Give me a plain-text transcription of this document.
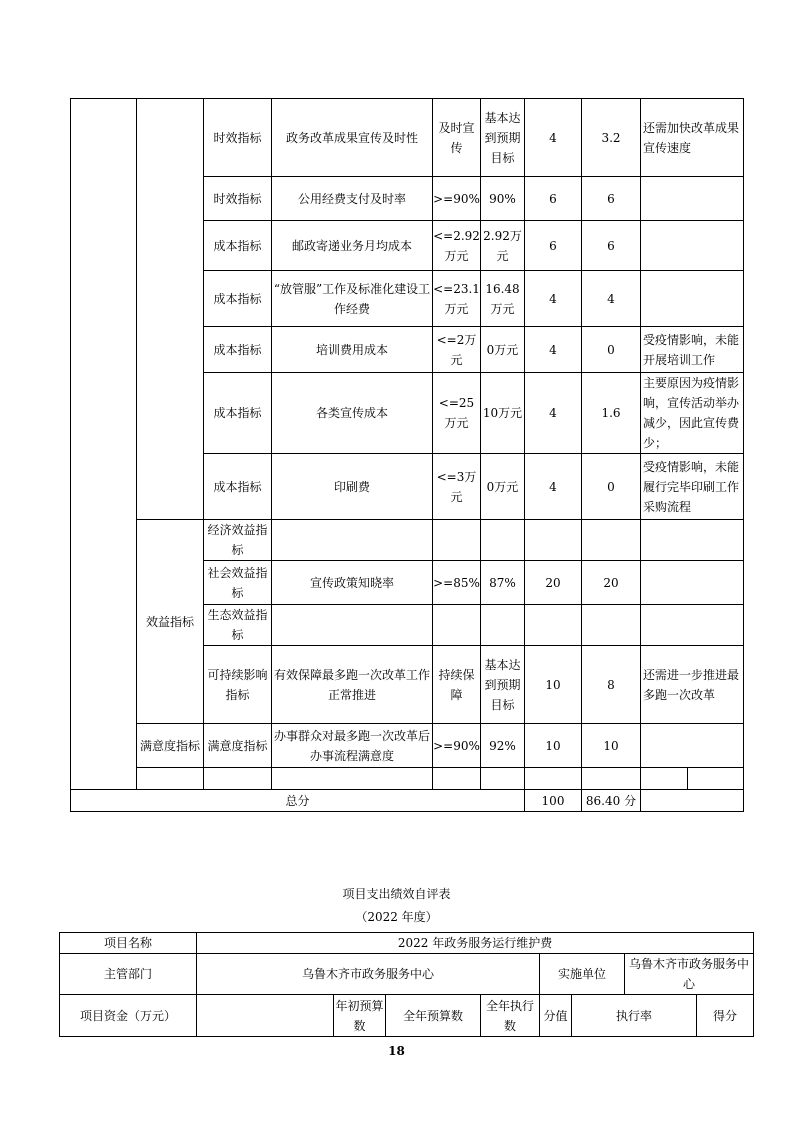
		时效指标	政务改革成果宣传及时性	及时宣传	基本达到预期目标	4	3.2	还需加快改革成果宣传速度	
		时效指标	公用经费支付及时率	>=90%	90%	6	6		
		成本指标	邮政寄递业务月均成本	<=2.92万元	2.92万元	6	6		
		成本指标	“放管服”工作及标准化建设工作经费	<=23.1万元	16.48万元	4	4		
		成本指标	培训费用成本	<=2万元	0万元	4	0	受疫情影响，未能开展培训工作	
		成本指标	各类宣传成本	<=25万元	10万元	4	1.6	主要原因为疫情影响，宣传活动举办减少，因此宣传费少；	
		成本指标	印刷费	<=3万元	0万元	4	0	受疫情影响，未能履行完毕印刷工作采购流程	
	效益指标	经济效益指标							
		社会效益指标	宣传政策知晓率	>=85%	87%	20	20		
		生态效益指标							
		可持续影响指标	有效保障最多跑一次改革工作正常推进	持续保障	基本达到预期目标	10	8	还需进一步推进最多跑一次改革	
	满意度指标	满意度指标	办事群众对最多跑一次改革后办事流程满意度	>=90%	92%	10	10		

总分						100	86.40 分		
项目支出绩效自评表
（2022 年度）
项目名称	2022 年政务服务运行维护费							
主管部门	乌鲁木齐市政务服务中心				实施单位		乌鲁木齐市政务服务中心	
项目资金（万元）		年初预算数	全年预算数	全年执行数	分值	执行率		得分
18
